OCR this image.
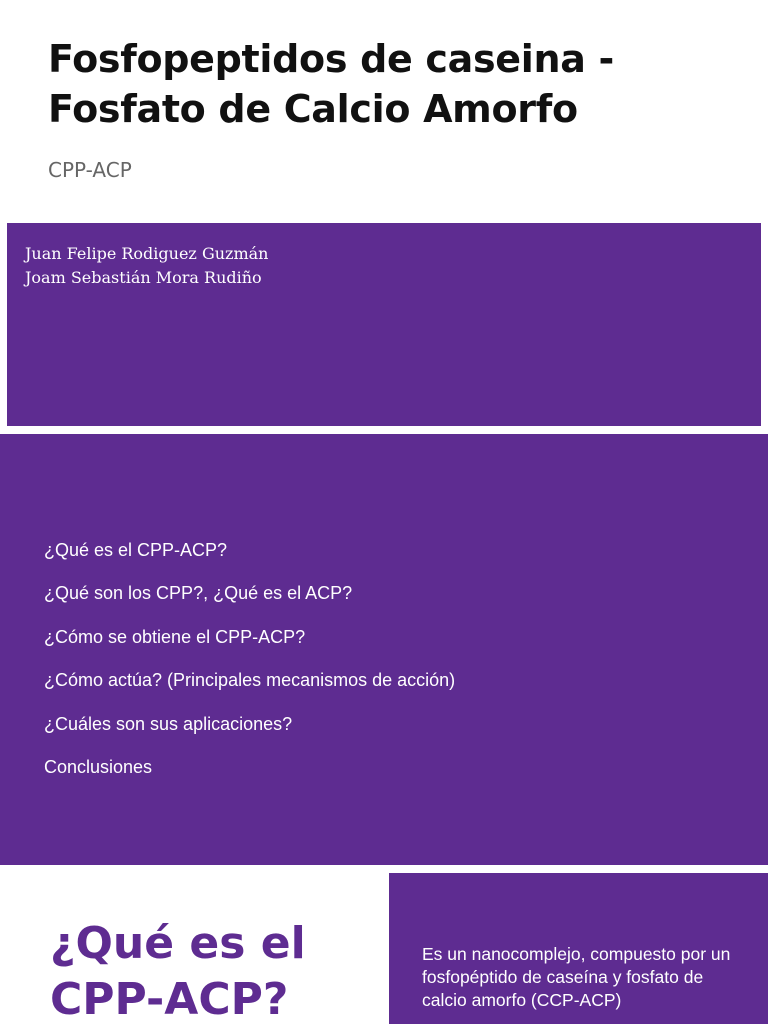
Fosfopeptidos de caseina - Fosfato de Calcio Amorfo

CPP-ACP

Juan Felipe Rodiguez Guzmán
Joam Sebastián Mora Rudiño
¿Qué es el CPP-ACP?
¿Qué son los CPP?, ¿Qué es el ACP?
¿Cómo se obtiene el CPP-ACP?
¿Cómo actúa? (Principales mecanismos de acción)
¿Cuáles son sus aplicaciones?
Conclusiones
¿Qué es el CPP-ACP?

Es un nanocomplejo, compuesto por un fosfopéptido de caseína y fosfato de calcio amorfo (CCP-ACP)
